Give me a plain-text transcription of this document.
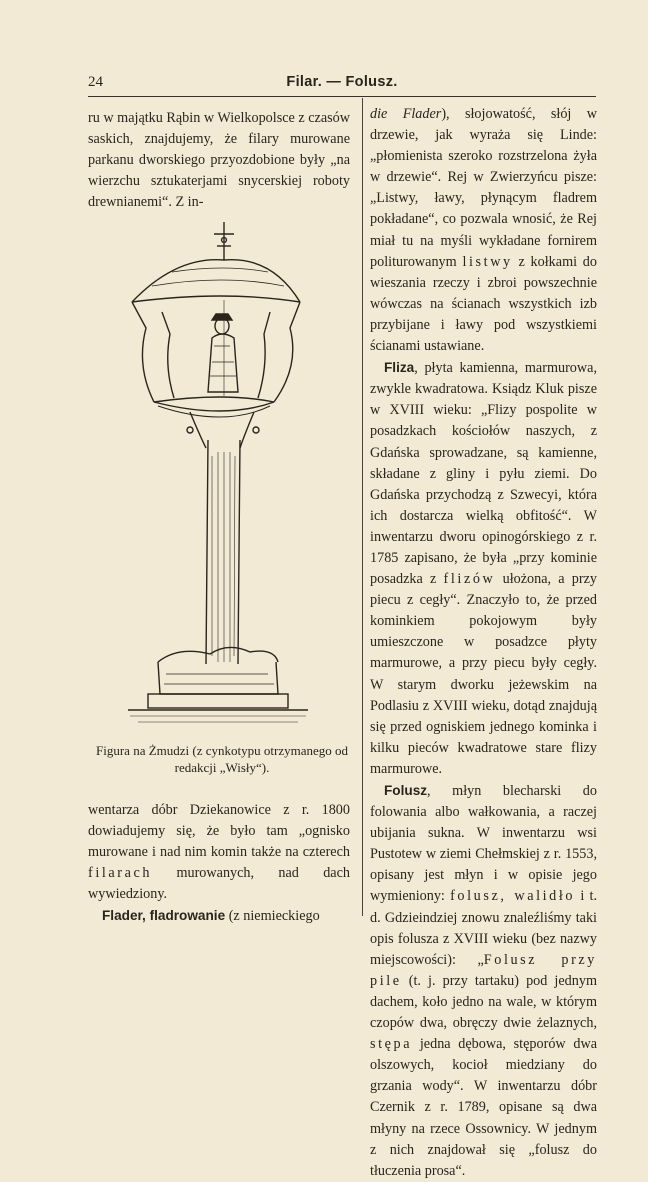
24	Filar. — Folusz.

ru w majątku Rąbin w Wielkopolsce z czasów saskich, znajdujemy, że filary murowane parkanu dworskiego przyozdobione były „na wierzchu sztukaterjami snycerskiej roboty drewnianemi“. Z in-

Figura na Żmudzi (z cynkotypu otrzymanego od redakcji „Wisły“).

wentarza dóbr Dziekanowice z r. 1800 dowiadujemy się, że było tam „ognisko murowane i nad nim komin także na czterech filarach murowanych, nad dach wywiedziony.

Flader, fladrowanie (z niemieckiego

die Flader), słojowatość, słój w drzewie, jak wyraża się Linde: „płomienista szeroko rozstrzelona żyła w drzewie“. Rej w Zwierzyńcu pisze: „Listwy, ławy, płynącym fladrem pokładane“, co pozwala wnosić, że Rej miał tu na myśli wykładane fornirem politurowanym listwy z kołkami do wieszania rzeczy i zbroi powszechnie wówczas na ścianach wszystkich izb przybijane i ławy pod wszystkiemi ścianami ustawiane.

Fliza, płyta kamienna, marmurowa, zwykle kwadratowa. Ksiądz Kluk pisze w XVIII wieku: „Flizy pospolite w posadzkach kościołów naszych, z Gdańska sprowadzane, są kamienne, składane z gliny i pyłu ziemi. Do Gdańska przychodzą z Szwecyi, która ich dostarcza wielką obfitość“. W inwentarzu dworu opinogórskiego z r. 1785 zapisano, że była „przy kominie posadzka z flizów ułożona, a przy piecu z cegły“. Znaczyło to, że przed kominkiem pokojowym były umieszczone w posadzce płyty marmurowe, a przy piecu były cegły. W starym dworku jeżewskim na Podlasiu z XVIII wieku, dotąd znajdują się przed ogniskiem jednego kominka i kilku pieców kwadratowe stare flizy marmurowe.

Folusz, młyn blecharski do folowania albo wałkowania, a raczej ubijania sukna. W inwentarzu wsi Pustotew w ziemi Chełmskiej z r. 1553, opisany jest młyn i w opisie jego wymieniony: folusz, walidło i t. d. Gdzieindziej znowu znaleźliśmy taki opis folusza z XVIII wieku (bez nazwy miejscowości): „Folusz przy pile (t. j. przy tartaku) pod jednym dachem, koło jedno na wale, w którym czopów dwa, obręczy dwie żelaznych, stępa jedna dębowa, stęporów dwa olszowych, kocioł miedziany do grzania wody“. W inwentarzu dóbr Czernik z r. 1789, opisane są dwa młyny na rzece Ossownicy. W jednym z nich znajdował się „folusz do tłuczenia prosa“.
